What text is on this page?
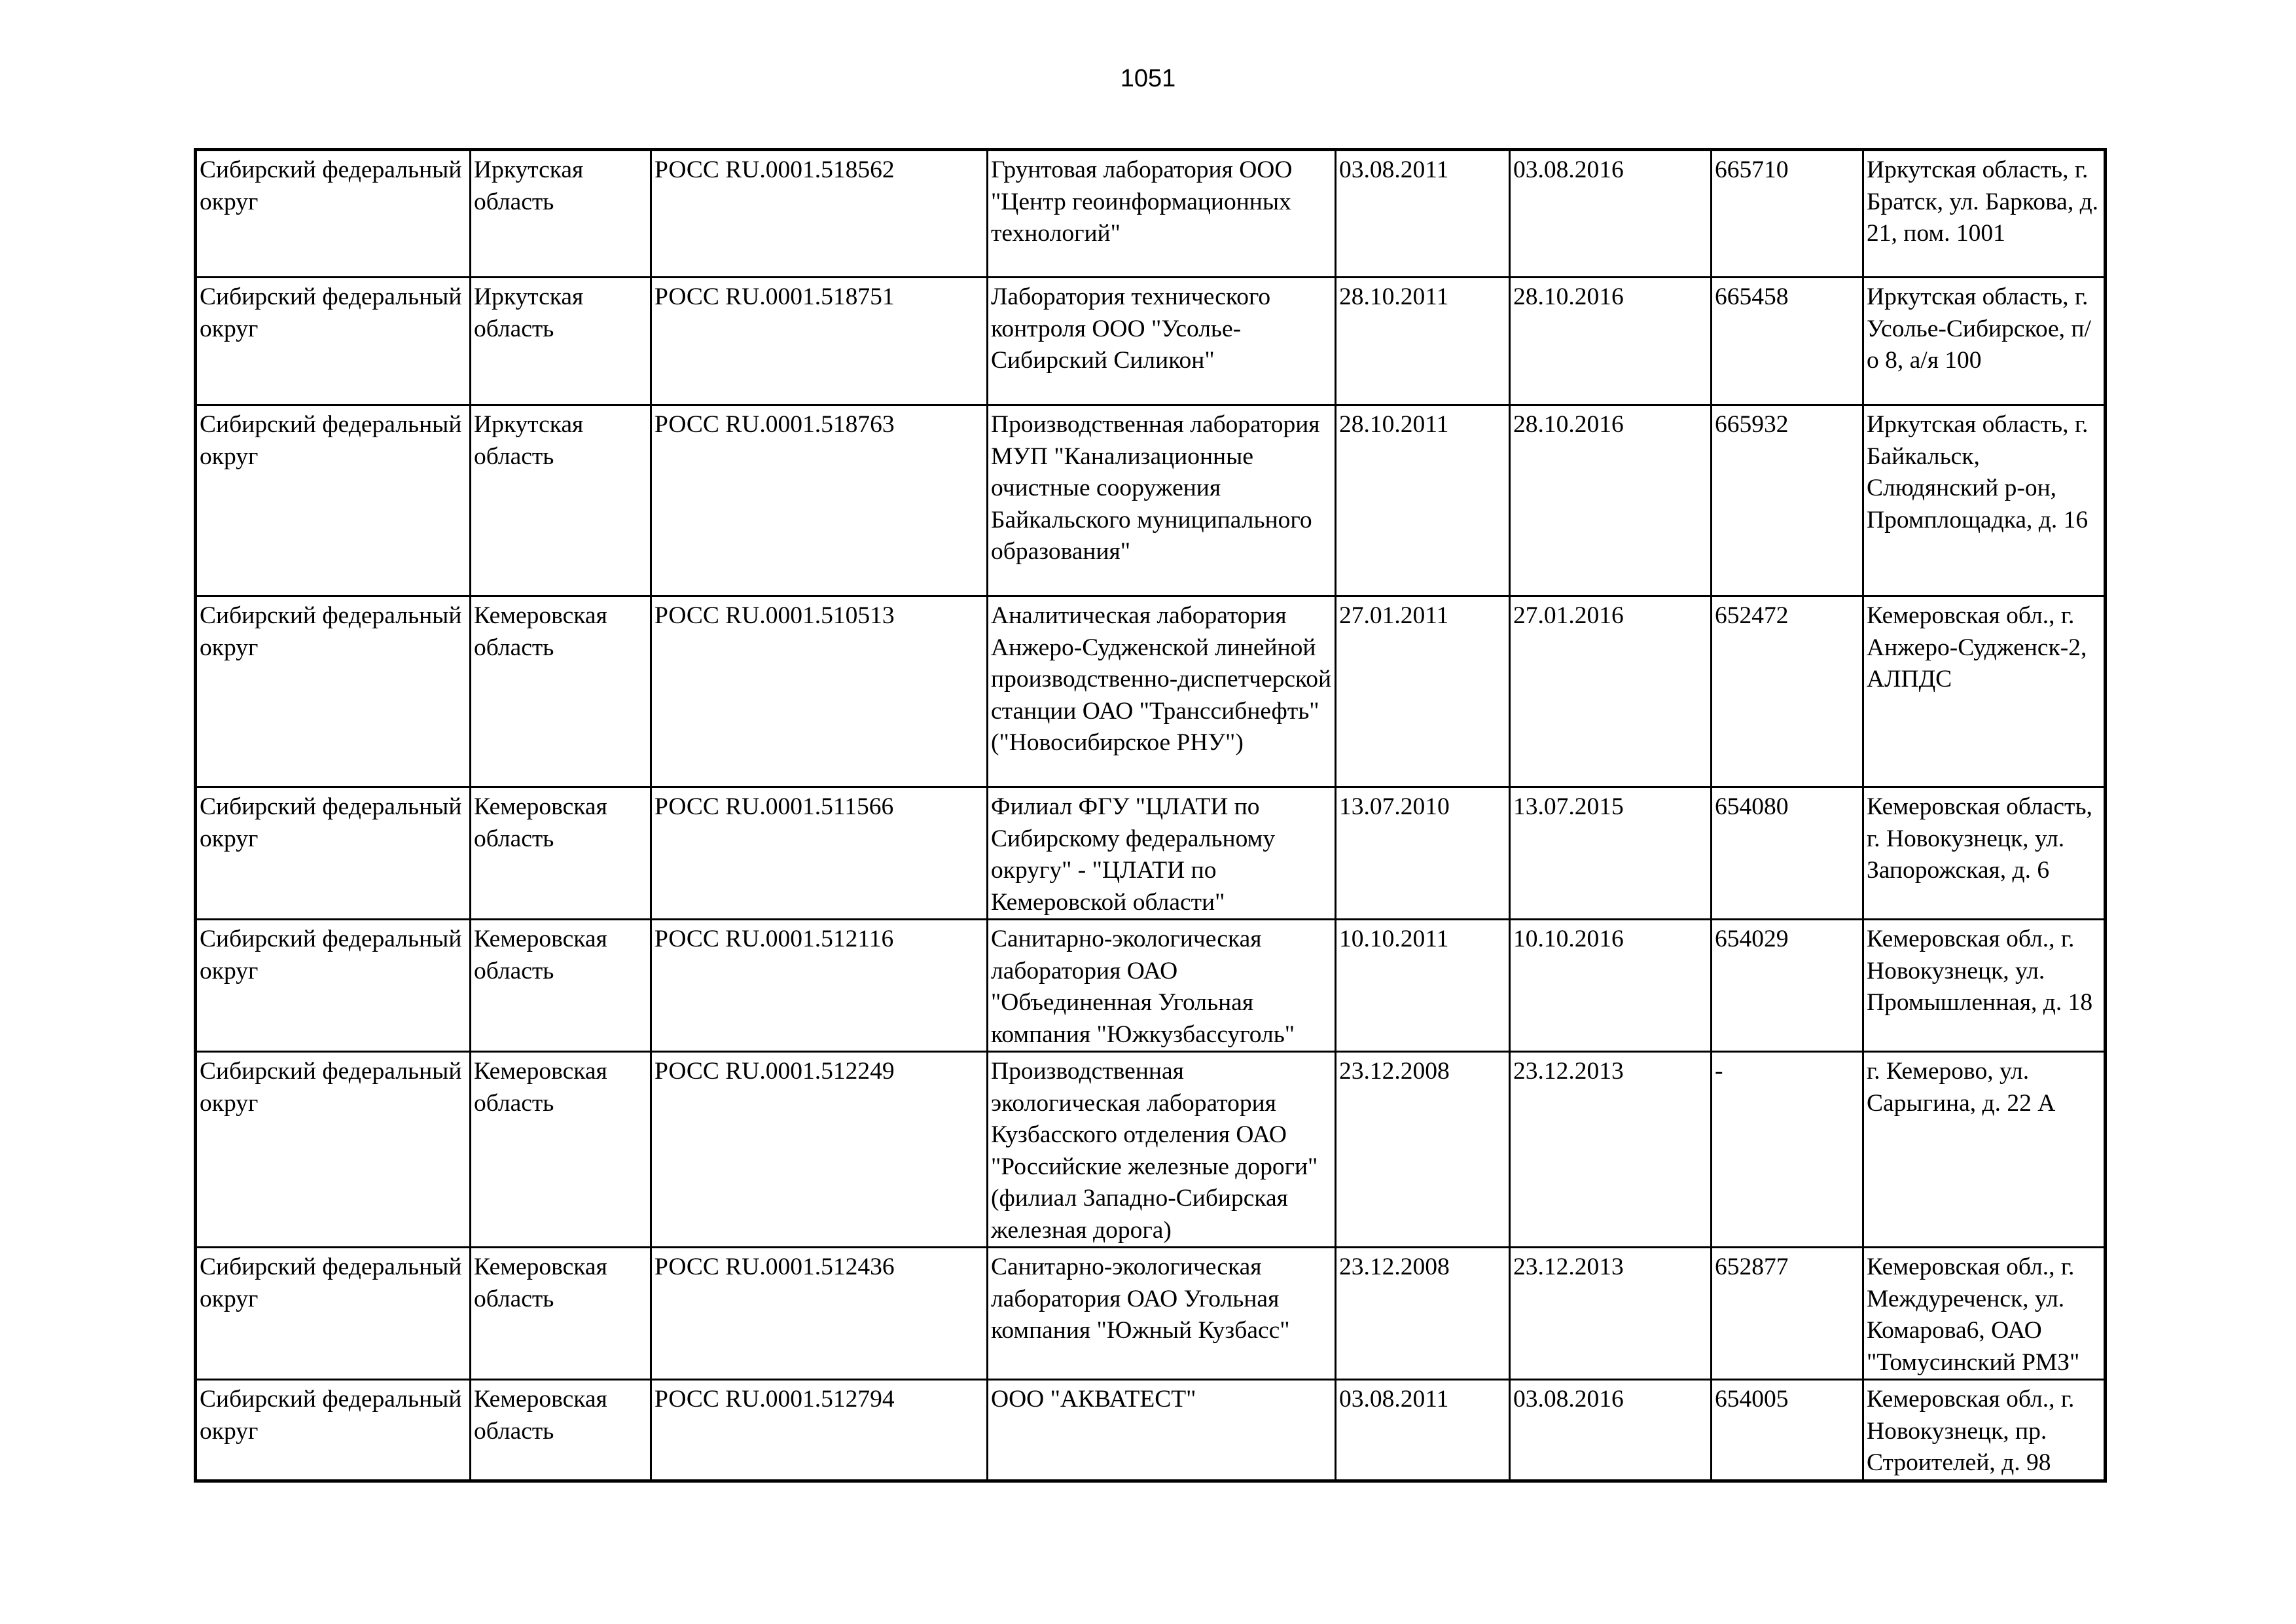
1051
Сибирский федеральный округ	Иркутская область	РОСС RU.0001.518562	Грунтовая лаборатория ООО "Центр геоинформационных технологий"	03.08.2011	03.08.2016	665710	Иркутская область, г. Братск, ул. Баркова, д. 21, пом. 1001
Сибирский федеральный округ	Иркутская область	РОСС RU.0001.518751	Лаборатория технического контроля ООО "Усолье-Сибирский Силикон"	28.10.2011	28.10.2016	665458	Иркутская область, г. Усолье-Сибирское, п/о 8, а/я 100
Сибирский федеральный округ	Иркутская область	РОСС RU.0001.518763	Производственная лаборатория МУП "Канализационные очистные сооружения Байкальского муниципального образования"	28.10.2011	28.10.2016	665932	Иркутская область, г. Байкальск, Слюдянский р-он, Промплощадка, д. 16
Сибирский федеральный округ	Кемеровская область	РОСС RU.0001.510513	Аналитическая лаборатория Анжеро-Судженской линейной производственно-диспетчерской станции ОАО "Транссибнефть" ("Новосибирское РНУ")	27.01.2011	27.01.2016	652472	Кемеровская обл., г. Анжеро-Судженск-2, АЛПДС
Сибирский федеральный округ	Кемеровская область	РОСС RU.0001.511566	Филиал ФГУ "ЦЛАТИ по Сибирскому федеральному округу" - "ЦЛАТИ по Кемеровской области"	13.07.2010	13.07.2015	654080	Кемеровская область, г. Новокузнецк, ул. Запорожская, д. 6
Сибирский федеральный округ	Кемеровская область	РОСС RU.0001.512116	Санитарно-экологическая лаборатория ОАО "Объединенная Угольная компания "Южкузбассуголь"	10.10.2011	10.10.2016	654029	Кемеровская обл., г. Новокузнецк, ул. Промышленная, д. 18
Сибирский федеральный округ	Кемеровская область	РОСС RU.0001.512249	Производственная экологическая лаборатория Кузбасского отделения ОАО "Российские железные дороги" (филиал Западно-Сибирская железная дорога)	23.12.2008	23.12.2013	-	г. Кемерово, ул. Сарыгина, д. 22 А
Сибирский федеральный округ	Кемеровская область	РОСС RU.0001.512436	Санитарно-экологическая лаборатория ОАО Угольная компания "Южный Кузбасс"	23.12.2008	23.12.2013	652877	Кемеровская обл., г. Междуреченск, ул. Комарова6, ОАО "Томусинский РМЗ"
Сибирский федеральный округ	Кемеровская область	РОСС RU.0001.512794	ООО "АКВАТЕСТ"	03.08.2011	03.08.2016	654005	Кемеровская обл., г. Новокузнецк, пр. Строителей, д. 98
